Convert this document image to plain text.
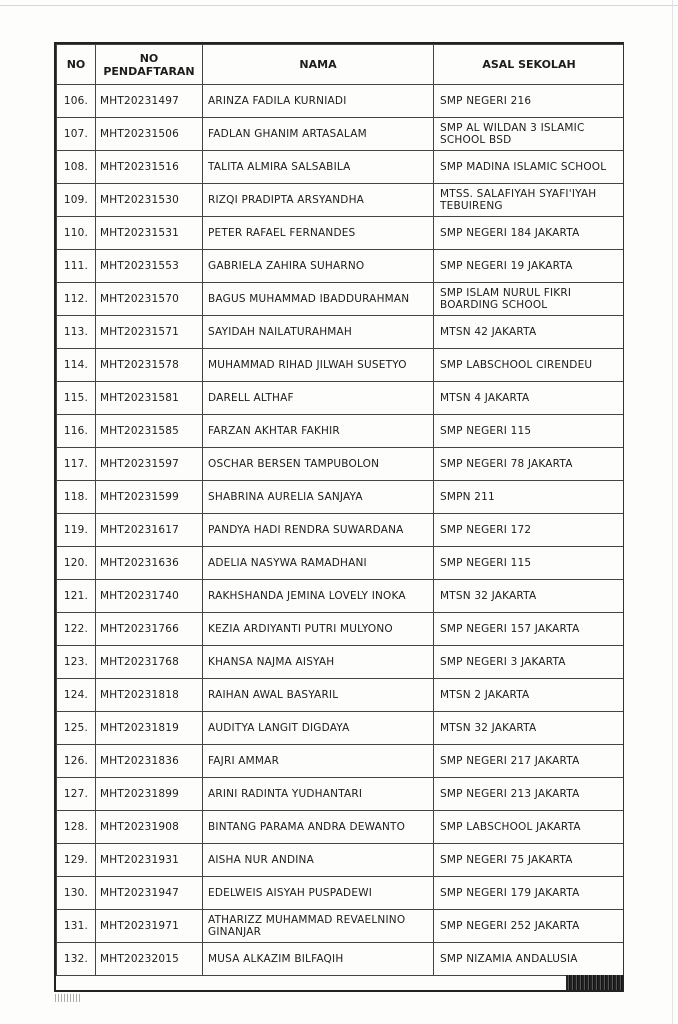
NO	NO PENDAFTARAN	NAMA	ASAL SEKOLAH
106.	MHT20231497	ARINZA FADILA KURNIADI	SMP NEGERI 216
107.	MHT20231506	FADLAN GHANIM ARTASALAM	SMP AL WILDAN 3 ISLAMIC SCHOOL BSD
108.	MHT20231516	TALITA ALMIRA SALSABILA	SMP MADINA ISLAMIC SCHOOL
109.	MHT20231530	RIZQI PRADIPTA ARSYANDHA	MTSS. SALAFIYAH SYAFI'IYAH TEBUIRENG
110.	MHT20231531	PETER RAFAEL FERNANDES	SMP NEGERI 184 JAKARTA
111.	MHT20231553	GABRIELA ZAHIRA SUHARNO	SMP NEGERI 19 JAKARTA
112.	MHT20231570	BAGUS MUHAMMAD IBADDURAHMAN	SMP ISLAM NURUL FIKRI BOARDING SCHOOL
113.	MHT20231571	SAYIDAH NAILATURAHMAH	MTSN 42 JAKARTA
114.	MHT20231578	MUHAMMAD RIHAD JILWAH SUSETYO	SMP LABSCHOOL CIRENDEU
115.	MHT20231581	DARELL ALTHAF	MTSN 4 JAKARTA
116.	MHT20231585	FARZAN AKHTAR FAKHIR	SMP NEGERI 115
117.	MHT20231597	OSCHAR BERSEN TAMPUBOLON	SMP NEGERI 78 JAKARTA
118.	MHT20231599	SHABRINA AURELIA SANJAYA	SMPN 211
119.	MHT20231617	PANDYA HADI RENDRA SUWARDANA	SMP NEGERI 172
120.	MHT20231636	ADELIA NASYWA RAMADHANI	SMP NEGERI 115
121.	MHT20231740	RAKHSHANDA JEMINA LOVELY INOKA	MTSN 32 JAKARTA
122.	MHT20231766	KEZIA ARDIYANTI PUTRI MULYONO	SMP NEGERI 157 JAKARTA
123.	MHT20231768	KHANSA NAJMA AISYAH	SMP NEGERI 3 JAKARTA
124.	MHT20231818	RAIHAN AWAL BASYARIL	MTSN 2 JAKARTA
125.	MHT20231819	AUDITYA LANGIT DIGDAYA	MTSN 32 JAKARTA
126.	MHT20231836	FAJRI AMMAR	SMP NEGERI 217 JAKARTA
127.	MHT20231899	ARINI RADINTA YUDHANTARI	SMP NEGERI 213 JAKARTA
128.	MHT20231908	BINTANG PARAMA ANDRA DEWANTO	SMP LABSCHOOL JAKARTA
129.	MHT20231931	AISHA NUR ANDINA	SMP NEGERI 75 JAKARTA
130.	MHT20231947	EDELWEIS AISYAH PUSPADEWI	SMP NEGERI 179 JAKARTA
131.	MHT20231971	ATHARIZZ MUHAMMAD REVAELNINO GINANJAR	SMP NEGERI 252 JAKARTA
132.	MHT20232015	MUSA ALKAZIM BILFAQIH	SMP NIZAMIA ANDALUSIA
